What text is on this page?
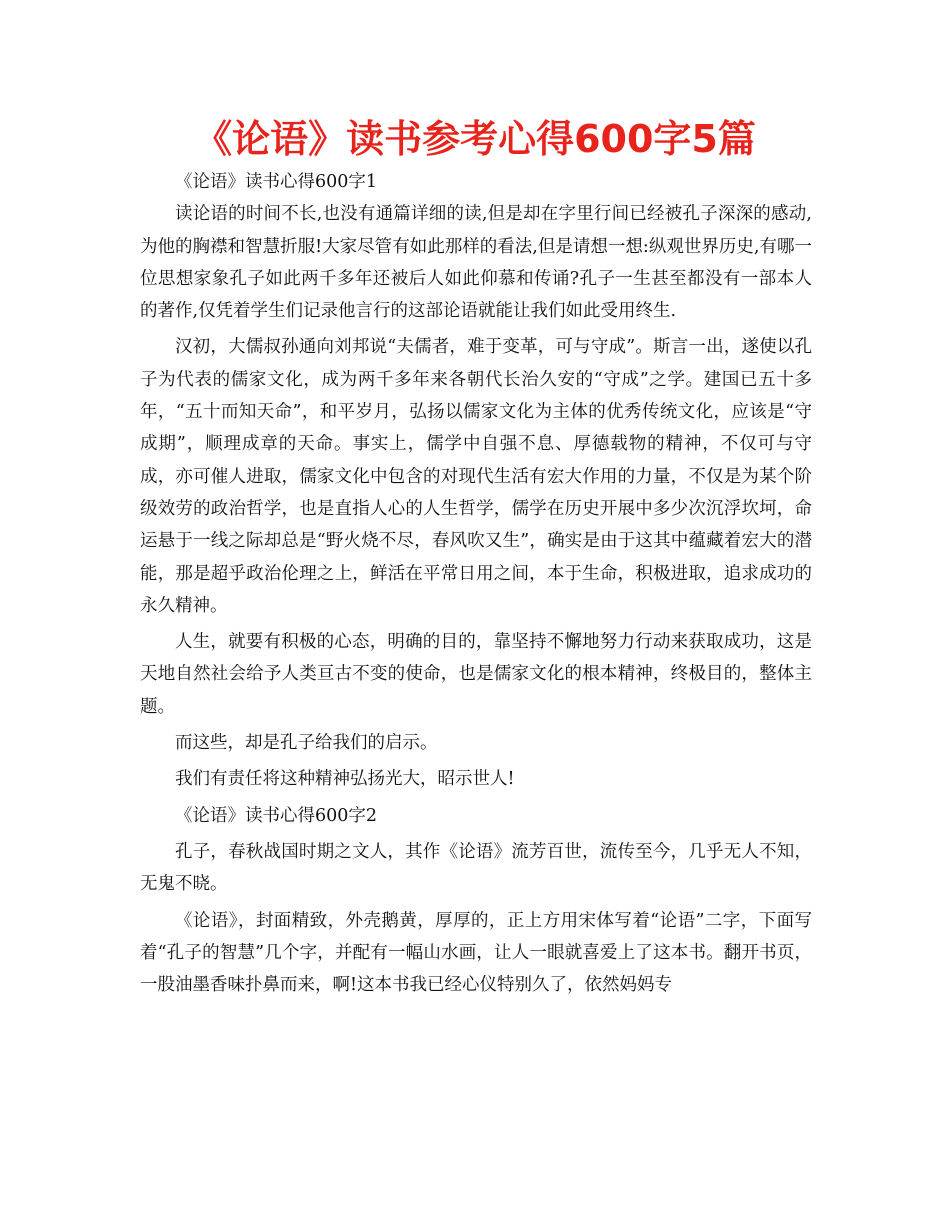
《论语》读书参考心得600字5篇

《论语》读书心得600字1

读论语的时间不长,也没有通篇详细的读,但是却在字里行间已经被孔子深深的感动,为他的胸襟和智慧折服!大家尽管有如此那样的看法,但是请想一想:纵观世界历史,有哪一位思想家象孔子如此两千多年还被后人如此仰慕和传诵?孔子一生甚至都没有一部本人的著作,仅凭着学生们记录他言行的这部论语就能让我们如此受用终生.

汉初，大儒叔孙通向刘邦说“夫儒者，难于变革，可与守成”。斯言一出，遂使以孔子为代表的儒家文化，成为两千多年来各朝代长治久安的“守成”之学。建国已五十多年，“五十而知天命”，和平岁月，弘扬以儒家文化为主体的优秀传统文化，应该是“守成期”，顺理成章的天命。事实上，儒学中自强不息、厚德载物的精神，不仅可与守成，亦可催人进取，儒家文化中包含的对现代生活有宏大作用的力量，不仅是为某个阶级效劳的政治哲学，也是直指人心的人生哲学，儒学在历史开展中多少次沉浮坎坷，命运悬于一线之际却总是“野火烧不尽，春风吹又生”，确实是由于这其中蕴藏着宏大的潜能，那是超乎政治伦理之上，鲜活在平常日用之间，本于生命，积极进取，追求成功的永久精神。

人生，就要有积极的心态，明确的目的，靠坚持不懈地努力行动来获取成功，这是天地自然社会给予人类亘古不变的使命，也是儒家文化的根本精神，终极目的，整体主题。

而这些，却是孔子给我们的启示。

我们有责任将这种精神弘扬光大，昭示世人!

《论语》读书心得600字2

孔子，春秋战国时期之文人，其作《论语》流芳百世，流传至今，几乎无人不知，无鬼不晓。

《论语》，封面精致，外壳鹅黄，厚厚的，正上方用宋体写着“论语”二字，下面写着“孔子的智慧”几个字，并配有一幅山水画，让人一眼就喜爱上了这本书。翻开书页，一股油墨香味扑鼻而来，啊!这本书我已经心仪特别久了，依然妈妈专
